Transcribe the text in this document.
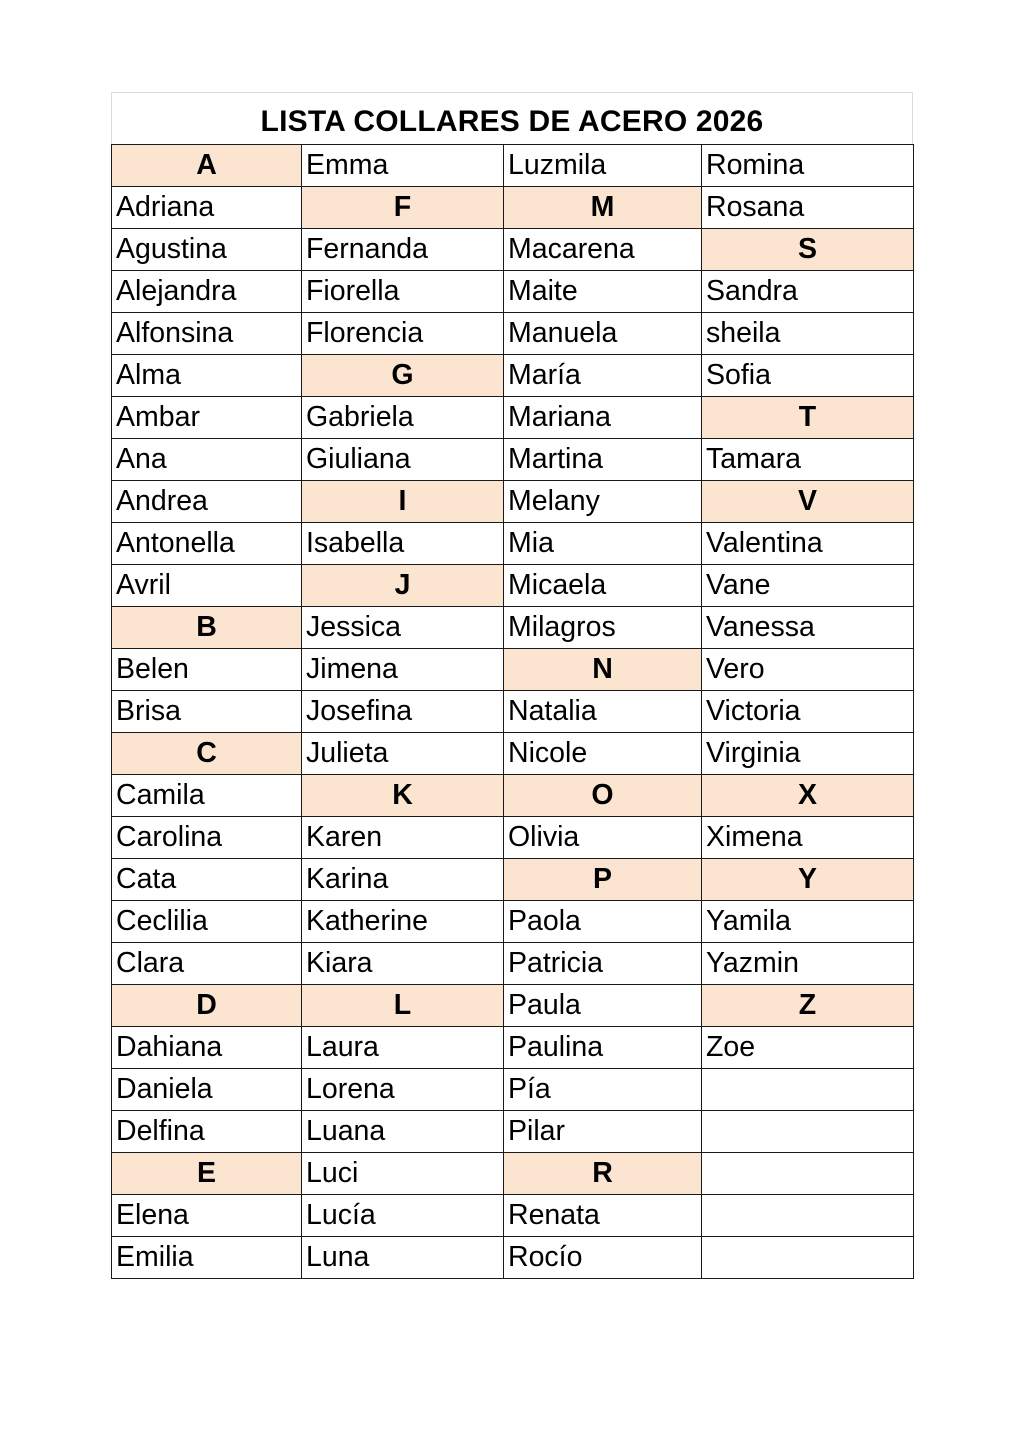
LISTA COLLARES DE ACERO 2026
A	Emma	Luzmila	Romina
Adriana	F	M	Rosana
Agustina	Fernanda	Macarena	S
Alejandra	Fiorella	Maite	Sandra
Alfonsina	Florencia	Manuela	sheila
Alma	G	María	Sofia
Ambar	Gabriela	Mariana	T
Ana	Giuliana	Martina	Tamara
Andrea	I	Melany	V
Antonella	Isabella	Mia	Valentina
Avril	J	Micaela	Vane
B	Jessica	Milagros	Vanessa
Belen	Jimena	N	Vero
Brisa	Josefina	Natalia	Victoria
C	Julieta	Nicole	Virginia
Camila	K	O	X
Carolina	Karen	Olivia	Ximena
Cata	Karina	P	Y
Ceclilia	Katherine	Paola	Yamila
Clara	Kiara	Patricia	Yazmin
D	L	Paula	Z
Dahiana	Laura	Paulina	Zoe
Daniela	Lorena	Pía	
Delfina	Luana	Pilar	
E	Luci	R	
Elena	Lucía	Renata	
Emilia	Luna	Rocío	
